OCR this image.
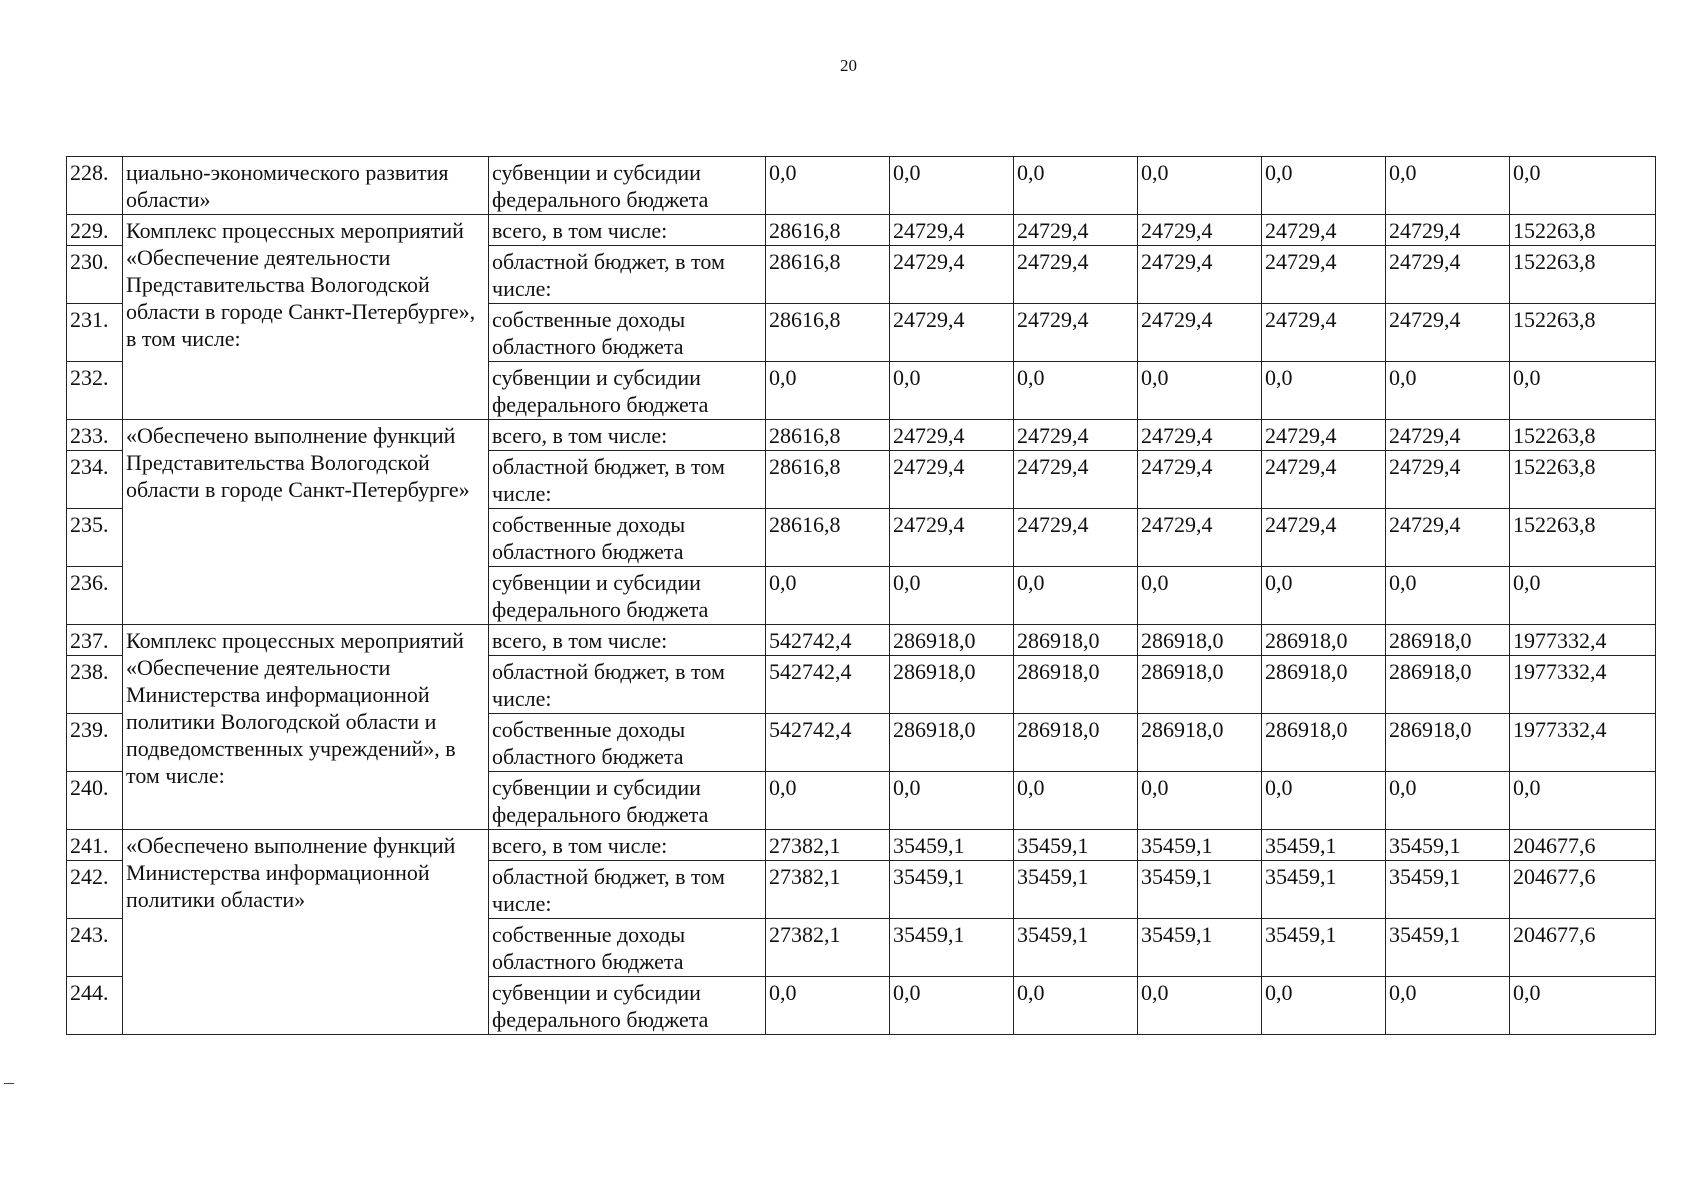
20
228.	циально-экономического развития области»	субвенции и субсидии федерального бюджета	0,0	0,0	0,0	0,0	0,0	0,0	0,0
229.	Комплекс процессных мероприятий «Обеспечение деятельности Представительства Вологодской области в городе Санкт-Петербурге», в том числе:	всего, в том числе:	28616,8	24729,4	24729,4	24729,4	24729,4	24729,4	152263,8
230.		областной бюджет, в том числе:	28616,8	24729,4	24729,4	24729,4	24729,4	24729,4	152263,8
231.		собственные доходы областного бюджета	28616,8	24729,4	24729,4	24729,4	24729,4	24729,4	152263,8
232.		субвенции и субсидии федерального бюджета	0,0	0,0	0,0	0,0	0,0	0,0	0,0
233.	«Обеспечено выполнение функций Представительства Вологодской области в городе Санкт-Петербурге»	всего, в том числе:	28616,8	24729,4	24729,4	24729,4	24729,4	24729,4	152263,8
234.		областной бюджет, в том числе:	28616,8	24729,4	24729,4	24729,4	24729,4	24729,4	152263,8
235.		собственные доходы областного бюджета	28616,8	24729,4	24729,4	24729,4	24729,4	24729,4	152263,8
236.		субвенции и субсидии федерального бюджета	0,0	0,0	0,0	0,0	0,0	0,0	0,0
237.	Комплекс процессных мероприятий «Обеспечение деятельности Министерства информационной политики Вологодской области и подведомственных учреждений», в том числе:	всего, в том числе:	542742,4	286918,0	286918,0	286918,0	286918,0	286918,0	1977332,4
238.		областной бюджет, в том числе:	542742,4	286918,0	286918,0	286918,0	286918,0	286918,0	1977332,4
239.		собственные доходы областного бюджета	542742,4	286918,0	286918,0	286918,0	286918,0	286918,0	1977332,4
240.		субвенции и субсидии федерального бюджета	0,0	0,0	0,0	0,0	0,0	0,0	0,0
241.	«Обеспечено выполнение функций Министерства информационной политики области»	всего, в том числе:	27382,1	35459,1	35459,1	35459,1	35459,1	35459,1	204677,6
242.		областной бюджет, в том числе:	27382,1	35459,1	35459,1	35459,1	35459,1	35459,1	204677,6
243.		собственные доходы областного бюджета	27382,1	35459,1	35459,1	35459,1	35459,1	35459,1	204677,6
244.		субвенции и субсидии федерального бюджета	0,0	0,0	0,0	0,0	0,0	0,0	0,0
